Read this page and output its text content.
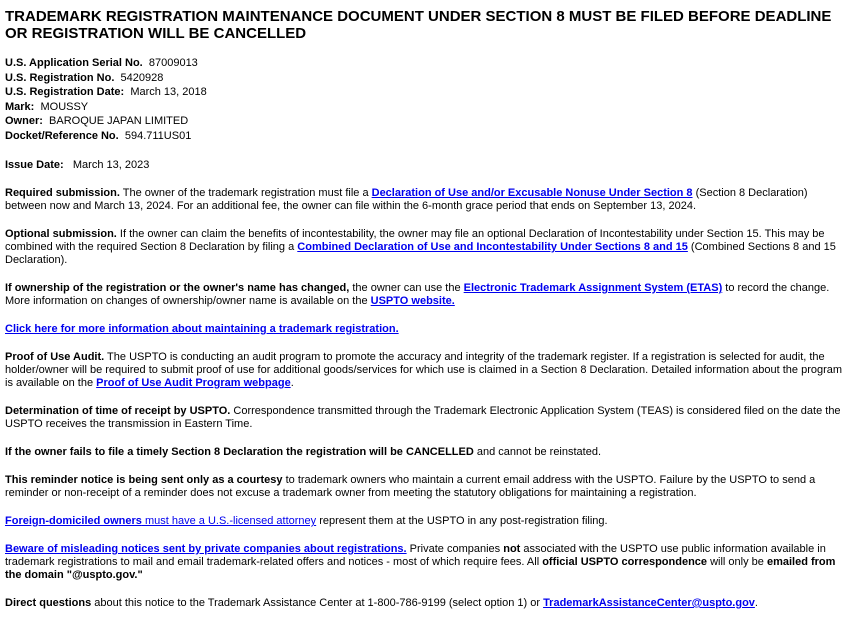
TRADEMARK REGISTRATION MAINTENANCE DOCUMENT UNDER SECTION 8 MUST BE FILED BEFORE DEADLINE OR REGISTRATION WILL BE CANCELLED
U.S. Application Serial No. 87009013
U.S. Registration No. 5420928
U.S. Registration Date: March 13, 2018
Mark: MOUSSY
Owner: BAROQUE JAPAN LIMITED
Docket/Reference No. 594.711US01

Issue Date: March 13, 2023

Required submission. The owner of the trademark registration must file a Declaration of Use and/or Excusable Nonuse Under Section 8 (Section 8 Declaration) between now and March 13, 2024. For an additional fee, the owner can file within the 6-month grace period that ends on September 13, 2024.

Optional submission. If the owner can claim the benefits of incontestability, the owner may file an optional Declaration of Incontestability under Section 15. This may be combined with the required Section 8 Declaration by filing a Combined Declaration of Use and Incontestability Under Sections 8 and 15 (Combined Sections 8 and 15 Declaration).

If ownership of the registration or the owner's name has changed, the owner can use the Electronic Trademark Assignment System (ETAS) to record the change. More information on changes of ownership/owner name is available on the USPTO website.

Click here for more information about maintaining a trademark registration.

Proof of Use Audit. The USPTO is conducting an audit program to promote the accuracy and integrity of the trademark register. If a registration is selected for audit, the holder/owner will be required to submit proof of use for additional goods/services for which use is claimed in a Section 8 Declaration. Detailed information about the program is available on the Proof of Use Audit Program webpage.

Determination of time of receipt by USPTO. Correspondence transmitted through the Trademark Electronic Application System (TEAS) is considered filed on the date the USPTO receives the transmission in Eastern Time.

If the owner fails to file a timely Section 8 Declaration the registration will be CANCELLED and cannot be reinstated.

This reminder notice is being sent only as a courtesy to trademark owners who maintain a current email address with the USPTO. Failure by the USPTO to send a reminder or non-receipt of a reminder does not excuse a trademark owner from meeting the statutory obligations for maintaining a registration.

Foreign-domiciled owners must have a U.S.-licensed attorney represent them at the USPTO in any post-registration filing.

Beware of misleading notices sent by private companies about registrations. Private companies not associated with the USPTO use public information available in trademark registrations to mail and email trademark-related offers and notices - most of which require fees. All official USPTO correspondence will only be emailed from the domain "@uspto.gov."

Direct questions about this notice to the Trademark Assistance Center at 1-800-786-9199 (select option 1) or TrademarkAssistanceCenter@uspto.gov.
